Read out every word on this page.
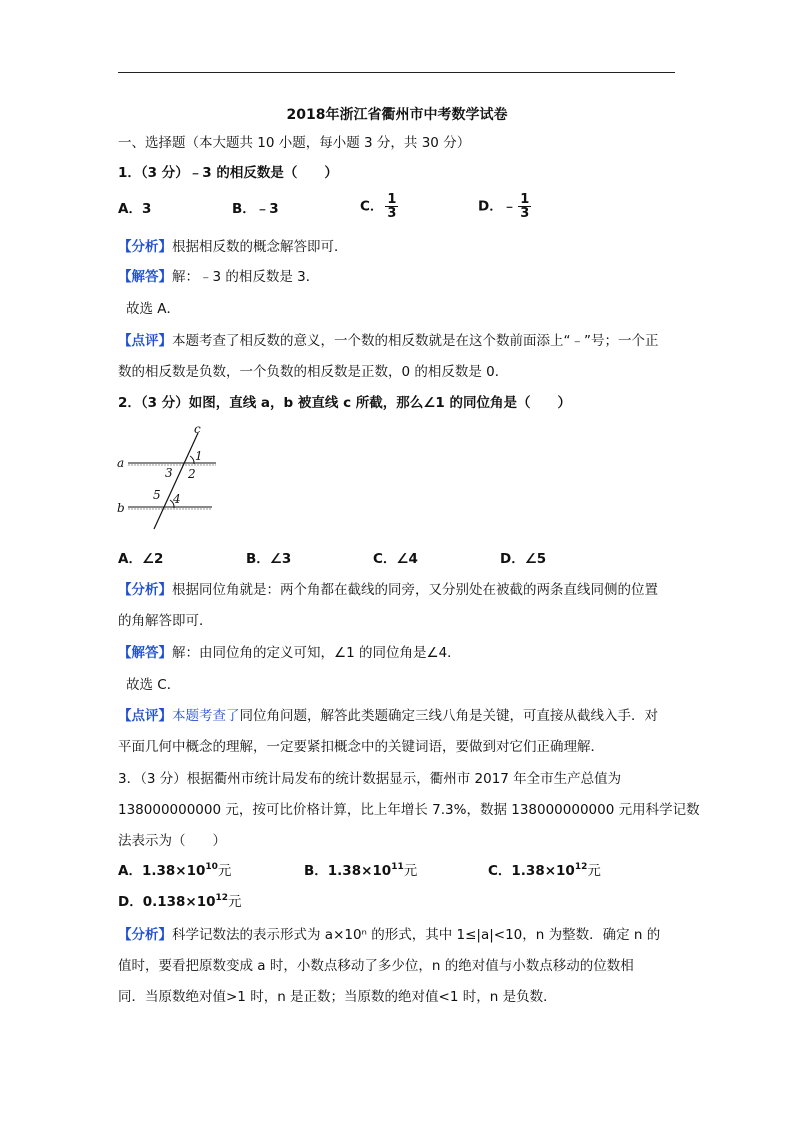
2018年浙江省衢州市中考数学试卷
一、选择题（本大题共 10 小题，每小题 3 分，共 30 分）
1．（3 分）﹣3 的相反数是（　　）
A．3	B．﹣3	C． $\frac{1}{3}$	D．﹣ $\frac{1}{3}$
【分析】根据相反数的概念解答即可．
【解答】解：﹣3 的相反数是 3．
故选 A．
【点评】本题考查了相反数的意义，一个数的相反数就是在这个数前面添上“﹣”号；一个正
数的相反数是负数，一个负数的相反数是正数，0 的相反数是 0．
2．（3 分）如图，直线 a，b 被直线 c 所截，那么∠1 的同位角是（　　）
a
b
c
1
2
3
4
5
A．∠2	B．∠3	C．∠4	D．∠5
【分析】根据同位角就是：两个角都在截线的同旁，又分别处在被截的两条直线同侧的位置
的角解答即可．
【解答】解：由同位角的定义可知，∠1 的同位角是∠4．
故选 C．
【点评】本题考查了同位角问题，解答此类题确定三线八角是关键，可直接从截线入手．对
平面几何中概念的理解，一定要紧扣概念中的关键词语，要做到对它们正确理解．
3．（3 分）根据衢州市统计局发布的统计数据显示，衢州市 2017 年全市生产总值为
138000000000 元，按可比价格计算，比上年增长 7.3%，数据 138000000000 元用科学记数
法表示为（　　）
A．$1.38\times 10^{10}$元	B．$1.38\times 10^{11}$元	C．$1.38\times 10^{12}$元
D．$0.138\times 10^{12}$元
【分析】科学记数法的表示形式为 a×10ⁿ 的形式，其中 1≤|a|<10，n 为整数．确定 n 的
值时，要看把原数变成 a 时，小数点移动了多少位，n 的绝对值与小数点移动的位数相
同．当原数绝对值>1 时，n 是正数；当原数的绝对值<1 时，n 是负数．
